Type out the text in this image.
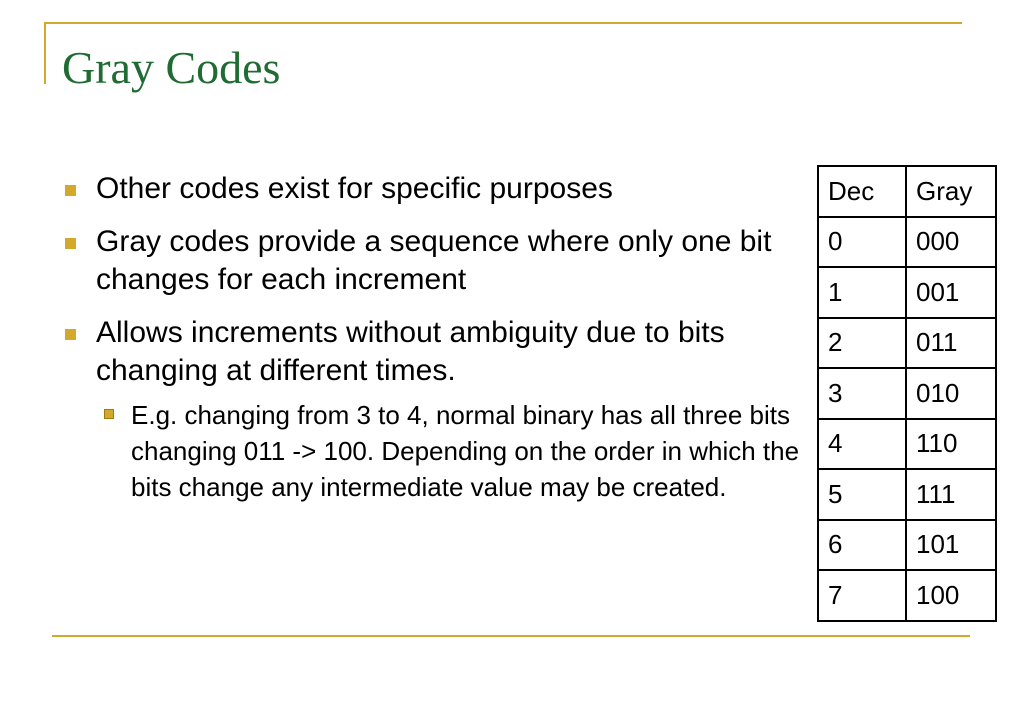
Gray Codes
Other codes exist for specific purposes
Gray codes provide a sequence where only one bit changes for each increment
Allows increments without ambiguity due to bits changing at different times.
E.g. changing from 3 to 4, normal binary has all three bits changing 011 -> 100. Depending on the order in which the bits change any intermediate value may be created.
Dec	Gray
0	000
1	001
2	011
3	010
4	110
5	111
6	101
7	100
